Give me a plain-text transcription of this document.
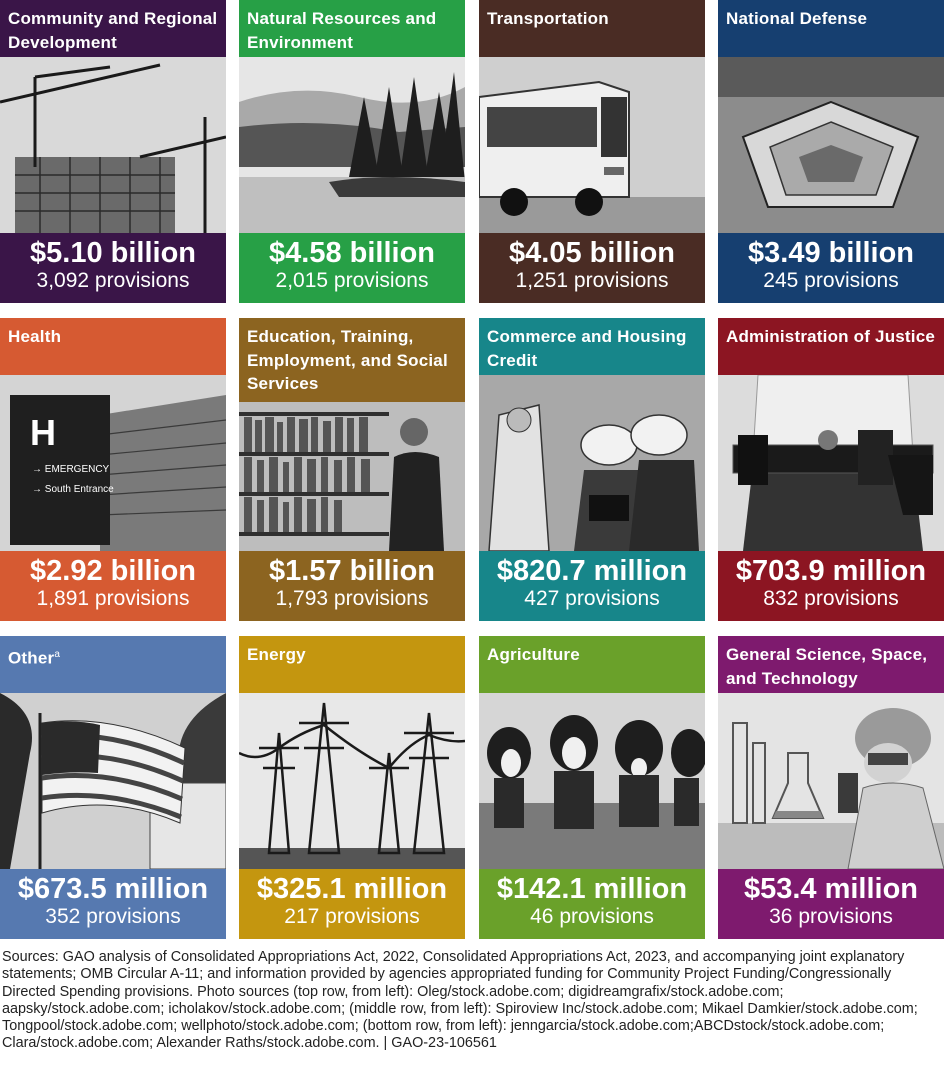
Community and Regional Development
$5.10 billion
3,092 provisions
Natural Resources and Environment
$4.58 billion
2,015 provisions
Transportation
$4.05 billion
1,251 provisions
National Defense
$3.49 billion
245 provisions
Health
H
→ EMERGENCY
→ South Entrance
$2.92 billion
1,891 provisions
Education, Training, Employment, and Social Services
$1.57 billion
1,793 provisions
Commerce and Housing Credit
$820.7 million
427 provisions
Administration of Justice
$703.9 million
832 provisions
Other$^a$
$673.5 million
352 provisions
Energy
$325.1 million
217 provisions
Agriculture
$142.1 million
46 provisions
General Science, Space, and Technology
$53.4 million
36 provisions
Sources: GAO analysis of Consolidated Appropriations Act, 2022, Consolidated Appropriations Act, 2023, and accompanying joint explanatory statements; OMB Circular A-11; and information provided by agencies appropriated funding for Community Project Funding/Congressionally Directed Spending provisions. Photo sources (top row, from left): Oleg/stock.adobe.com; digidreamgrafix/stock.adobe.com; aapsky/stock.adobe.com; icholakov/stock.adobe.com; (middle row, from left): Spiroview Inc/stock.adobe.com; Mikael Damkier/stock.adobe.com; Tongpool/stock.adobe.com; wellphoto/stock.adobe.com; (bottom row, from left): jenngarcia/stock.adobe.com;ABCDstock/stock.adobe.com; Clara/stock.adobe.com; Alexander Raths/stock.adobe.com. | GAO-23-106561
